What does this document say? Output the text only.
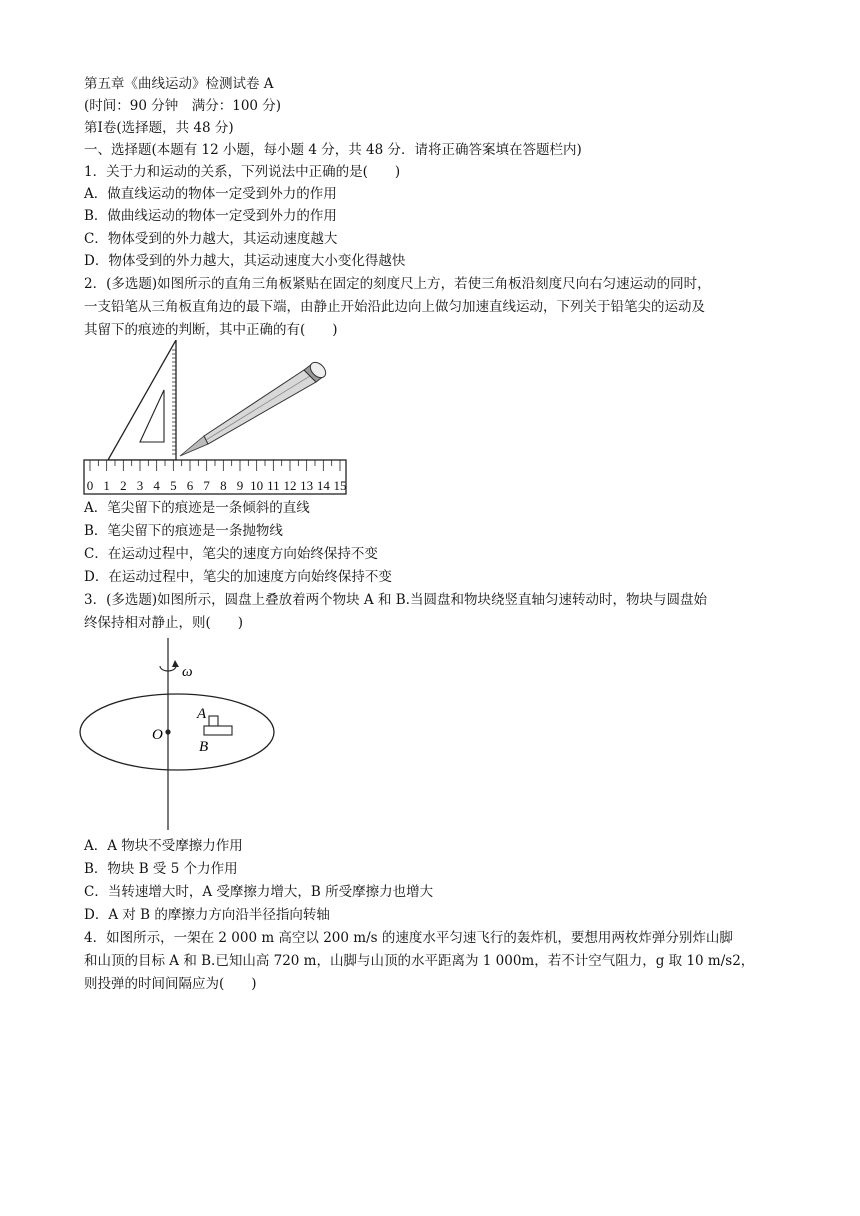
第五章《曲线运动》检测试卷 A
(时间：90 分钟　满分：100 分)
第Ⅰ卷(选择题，共 48 分)
一、选择题(本题有 12 小题，每小题 4 分，共 48 分．请将正确答案填在答题栏内)
1．关于力和运动的关系，下列说法中正确的是(　　)
A．做直线运动的物体一定受到外力的作用
B．做曲线运动的物体一定受到外力的作用
C．物体受到的外力越大，其运动速度越大
D．物体受到的外力越大，其运动速度大小变化得越快
2．(多选题)如图所示的直角三角板紧贴在固定的刻度尺上方，若使三角板沿刻度尺向右匀速运动的同时，
一支铅笔从三角板直角边的最下端，由静止开始沿此边向上做匀加速直线运动，下列关于铅笔尖的运动及
其留下的痕迹的判断，其中正确的有(　　)
0 1 2 3 4 5 6 7 8 9 10 11 12 13 14 15
A．笔尖留下的痕迹是一条倾斜的直线
B．笔尖留下的痕迹是一条抛物线
C．在运动过程中，笔尖的速度方向始终保持不变
D．在运动过程中，笔尖的加速度方向始终保持不变
3．(多选题)如图所示，圆盘上叠放着两个物块 A 和 B.当圆盘和物块绕竖直轴匀速转动时，物块与圆盘始
终保持相对静止，则(　　)
ω
O
A
B
A．A 物块不受摩擦力作用
B．物块 B 受 5 个力作用
C．当转速增大时，A 受摩擦力增大，B 所受摩擦力也增大
D．A 对 B 的摩擦力方向沿半径指向转轴
4．如图所示，一架在 2 000 m 高空以 200 m/s 的速度水平匀速飞行的轰炸机，要想用两枚炸弹分别炸山脚
和山顶的目标 A 和 B.已知山高 720 m，山脚与山顶的水平距离为 1 000m，若不计空气阻力，g 取 10 m/s2，
则投弹的时间间隔应为(　　)
